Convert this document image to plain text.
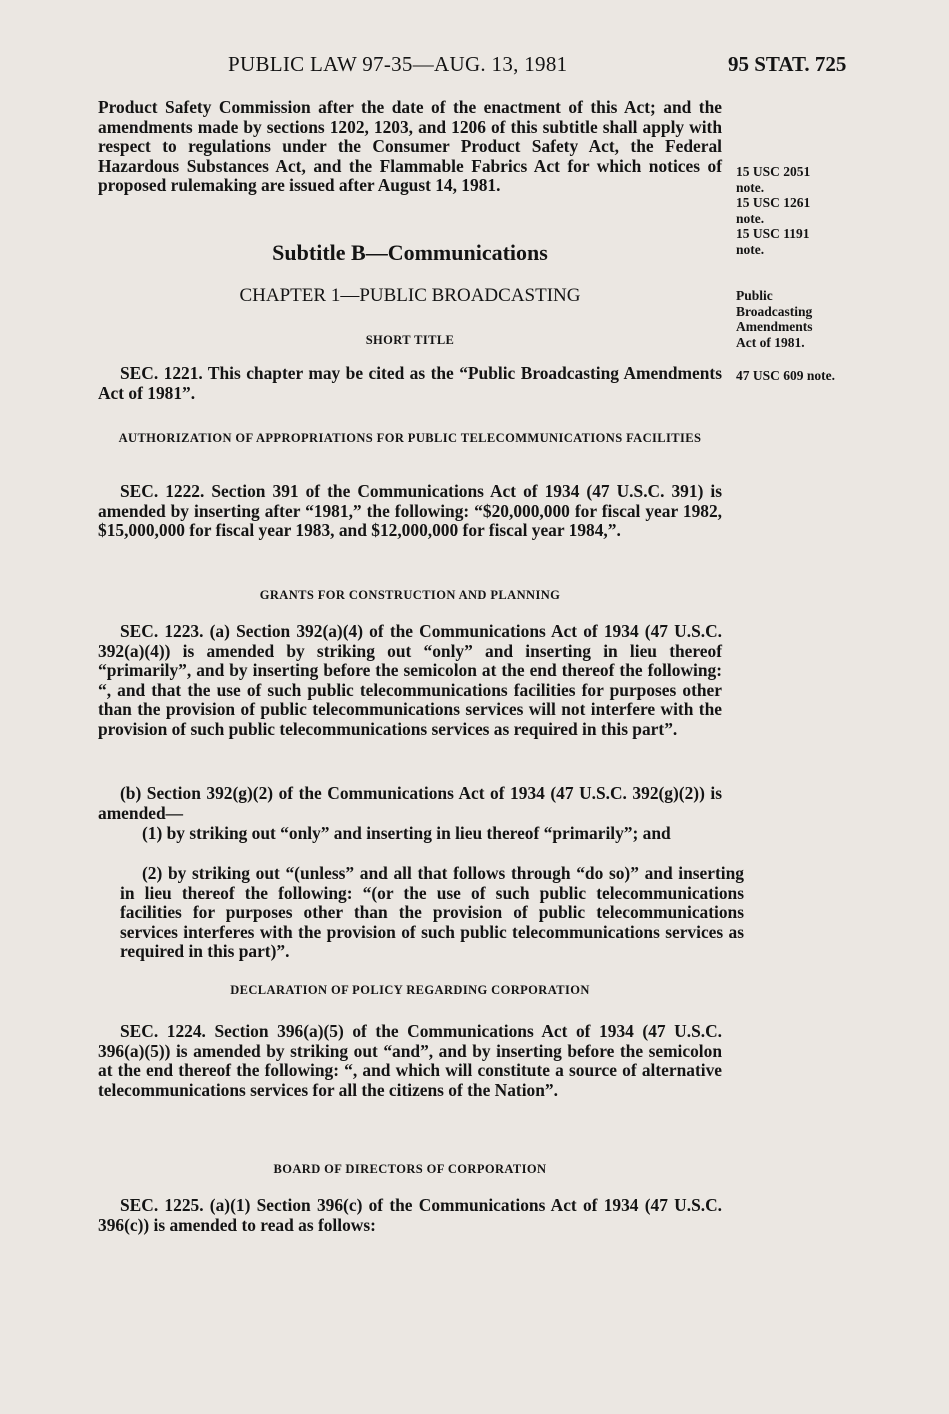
PUBLIC LAW 97-35—AUG. 13, 1981	95 STAT. 725

Product Safety Commission after the date of the enactment of this Act; and the amendments made by sections 1202, 1203, and 1206 of this subtitle shall apply with respect to regulations under the Consumer Product Safety Act, the Federal Hazardous Substances Act, and the Flammable Fabrics Act for which notices of proposed rulemaking are issued after August 14, 1981.

Subtitle B—Communications
CHAPTER 1—PUBLIC BROADCASTING
SHORT TITLE

SEC. 1221. This chapter may be cited as the “Public Broadcasting Amendments Act of 1981”.

AUTHORIZATION OF APPROPRIATIONS FOR PUBLIC TELECOMMUNICATIONS FACILITIES

SEC. 1222. Section 391 of the Communications Act of 1934 (47 U.S.C. 391) is amended by inserting after “1981,” the following: “$20,000,000 for fiscal year 1982, $15,000,000 for fiscal year 1983, and $12,000,000 for fiscal year 1984,”.

GRANTS FOR CONSTRUCTION AND PLANNING

SEC. 1223. (a) Section 392(a)(4) of the Communications Act of 1934 (47 U.S.C. 392(a)(4)) is amended by striking out “only” and inserting in lieu thereof “primarily”, and by inserting before the semicolon at the end thereof the following: “, and that the use of such public telecommunications facilities for purposes other than the provision of public telecommunications services will not interfere with the provision of such public telecommunications services as required in this part”.

(b) Section 392(g)(2) of the Communications Act of 1934 (47 U.S.C. 392(g)(2)) is amended—

(1) by striking out “only” and inserting in lieu thereof “primarily”; and

(2) by striking out “(unless” and all that follows through “do so)” and inserting in lieu thereof the following: “(or the use of such public telecommunications facilities for purposes other than the provision of public telecommunications services interferes with the provision of such public telecommunications services as required in this part)”.

DECLARATION OF POLICY REGARDING CORPORATION

SEC. 1224. Section 396(a)(5) of the Communications Act of 1934 (47 U.S.C. 396(a)(5)) is amended by striking out “and”, and by inserting before the semicolon at the end thereof the following: “, and which will constitute a source of alternative telecommunications services for all the citizens of the Nation”.

BOARD OF DIRECTORS OF CORPORATION

SEC. 1225. (a)(1) Section 396(c) of the Communications Act of 1934 (47 U.S.C. 396(c)) is amended to read as follows:

15 USC 2051
note.
15 USC 1261
note.
15 USC 1191
note.
Public
Broadcasting
Amendments
Act of 1981.
47 USC 609 note.
